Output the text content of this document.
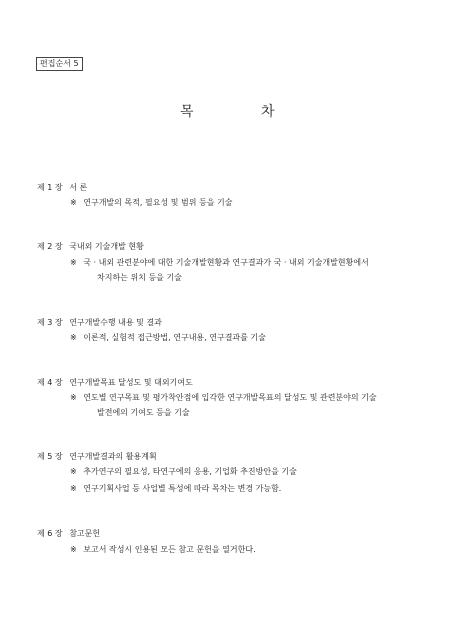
편집순서 5
목	차
제 1 장 서 론
※ 연구개발의 목적, 필요성 및 범위 등을 기술
제 2 장 국내외 기술개발 현황
※ 국 · 내외 관련분야에 대한 기술개발현황과 연구결과가 국 · 내외 기술개발현황에서
차지하는 위치 등을 기술
제 3 장 연구개발수행 내용 및 결과
※ 이론적, 실험적 접근방법, 연구내용, 연구결과를 기술
제 4 장 연구개발목표 달성도 및 대외기여도
※ 연도별 연구목표 및 평가착안점에 입각한 연구개발목표의 달성도 및 관련분야의 기술
발전에의 기여도 등을 기술
제 5 장 연구개발결과의 활용계획
※ 추가연구의 필요성, 타연구에의 응용, 기업화 추진방안을 기술
※ 연구기획사업 등 사업별 특성에 따라 목차는 변경 가능함.
제 6 장 참고문헌
※ 보고서 작성시 인용된 모든 참고 문헌을 열거한다.
